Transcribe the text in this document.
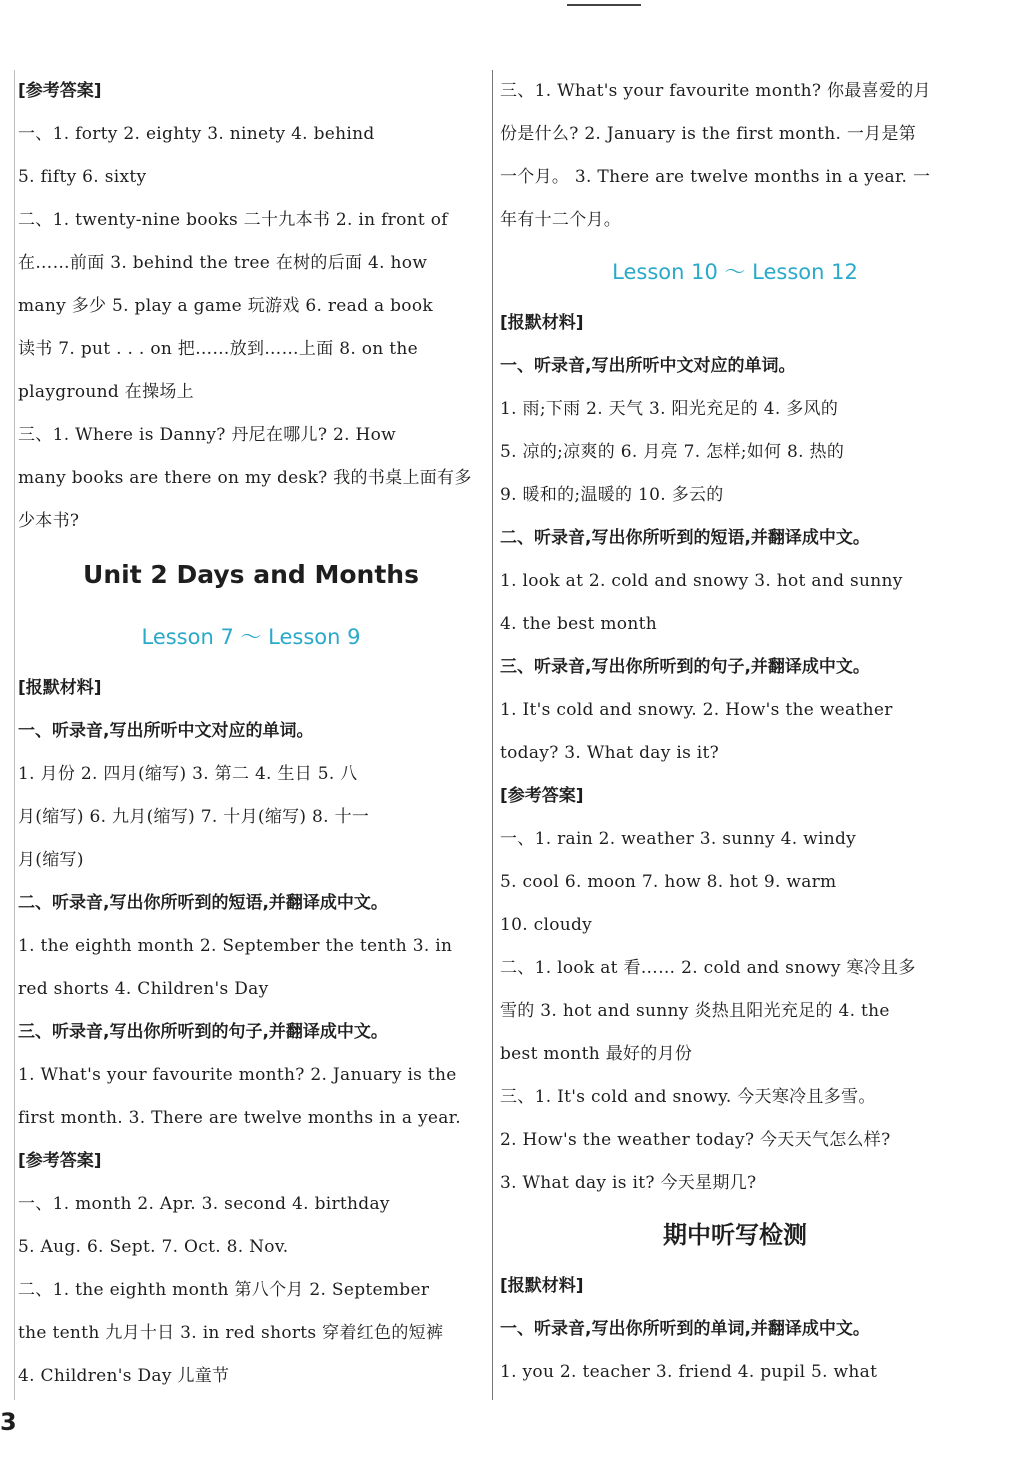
[参考答案]
一、1. forty 2. eighty 3. ninety 4. behind
5. fifty 6. sixty
二、1. twenty-nine books 二十九本书 2. in front of
在……前面 3. behind the tree 在树的后面 4. how
many 多少 5. play a game 玩游戏 6. read a book
读书 7. put . . . on 把……放到……上面 8. on the
playground 在操场上
三、1. Where is Danny? 丹尼在哪儿? 2. How
many books are there on my desk? 我的书桌上面有多
少本书?
Unit 2 Days and Months
Lesson 7 ～ Lesson 9
[报默材料]
一、听录音,写出所听中文对应的单词。
1. 月份 2. 四月(缩写) 3. 第二 4. 生日 5. 八
月(缩写) 6. 九月(缩写) 7. 十月(缩写) 8. 十一
月(缩写)
二、听录音,写出你所听到的短语,并翻译成中文。
1. the eighth month 2. September the tenth 3. in
red shorts 4. Children's Day
三、听录音,写出你所听到的句子,并翻译成中文。
1. What's your favourite month? 2. January is the
first month. 3. There are twelve months in a year.
[参考答案]
一、1. month 2. Apr. 3. second 4. birthday
5. Aug. 6. Sept. 7. Oct. 8. Nov.
二、1. the eighth month 第八个月 2. September
the tenth 九月十日 3. in red shorts 穿着红色的短裤
4. Children's Day 儿童节
三、1. What's your favourite month? 你最喜爱的月
份是什么? 2. January is the first month. 一月是第
一个月。 3. There are twelve months in a year. 一
年有十二个月。
Lesson 10 ～ Lesson 12
[报默材料]
一、听录音,写出所听中文对应的单词。
1. 雨;下雨 2. 天气 3. 阳光充足的 4. 多风的
5. 凉的;凉爽的 6. 月亮 7. 怎样;如何 8. 热的
9. 暖和的;温暖的 10. 多云的
二、听录音,写出你所听到的短语,并翻译成中文。
1. look at 2. cold and snowy 3. hot and sunny
4. the best month
三、听录音,写出你所听到的句子,并翻译成中文。
1. It's cold and snowy. 2. How's the weather
today? 3. What day is it?
[参考答案]
一、1. rain 2. weather 3. sunny 4. windy
5. cool 6. moon 7. how 8. hot 9. warm
10. cloudy
二、1. look at 看…… 2. cold and snowy 寒冷且多
雪的 3. hot and sunny 炎热且阳光充足的 4. the
best month 最好的月份
三、1. It's cold and snowy. 今天寒冷且多雪。
2. How's the weather today? 今天天气怎么样?
3. What day is it? 今天星期几?
期中听写检测
[报默材料]
一、听录音,写出你所听到的单词,并翻译成中文。
1. you 2. teacher 3. friend 4. pupil 5. what
3
